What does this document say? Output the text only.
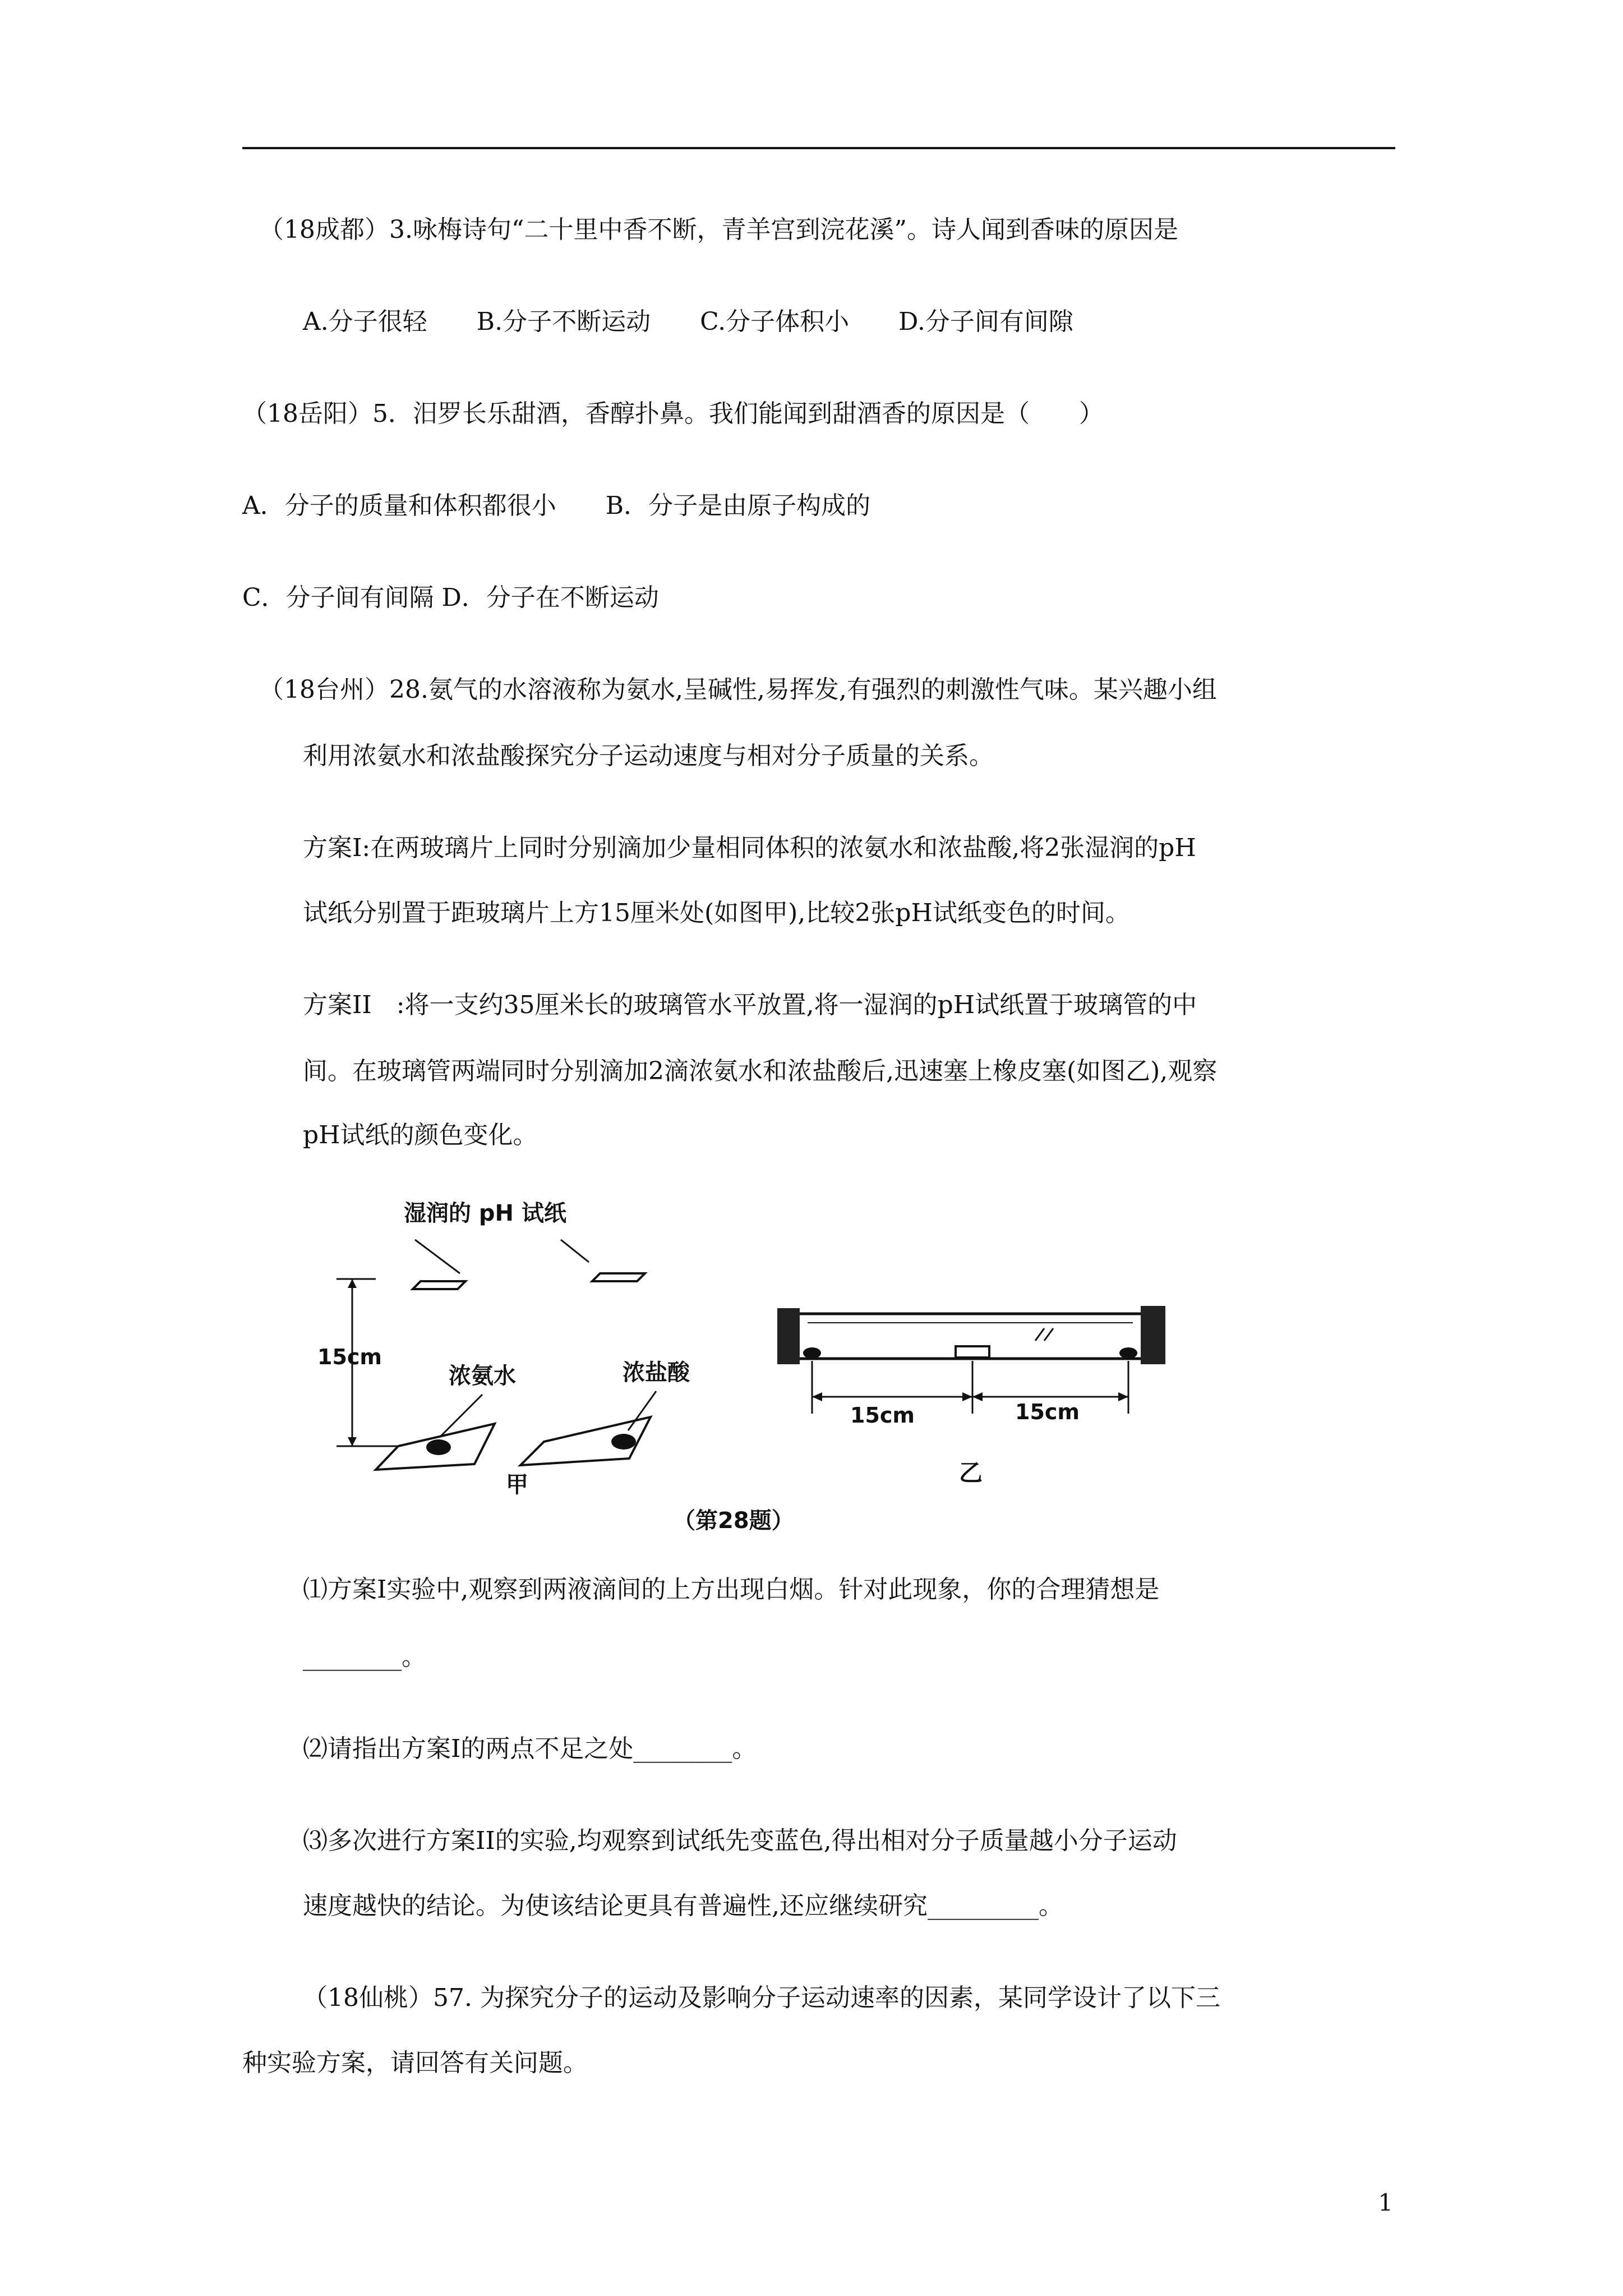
（18成都）3.咏梅诗句“二十里中香不断，青羊宫到浣花溪”。诗人闻到香味的原因是
A.分子很轻　　B.分子不断运动　　C.分子体积小　　D.分子间有间隙
（18岳阳）5．汨罗长乐甜酒，香醇扑鼻。我们能闻到甜酒香的原因是（　　）
A．分子的质量和体积都很小　　B．分子是由原子构成的
C．分子间有间隔 D．分子在不断运动
（18台州）28.氨气的水溶液称为氨水,呈碱性,易挥发,有强烈的刺激性气味。某兴趣小组
利用浓氨水和浓盐酸探究分子运动速度与相对分子质量的关系。
方案Ⅰ:在两玻璃片上同时分别滴加少量相同体积的浓氨水和浓盐酸,将2张湿润的pH
试纸分别置于距玻璃片上方15厘米处(如图甲),比较2张pH试纸变色的时间。
方案II　:将一支约35厘米长的玻璃管水平放置,将一湿润的pH试纸置于玻璃管的中
间。在玻璃管两端同时分别滴加2滴浓氨水和浓盐酸后,迅速塞上橡皮塞(如图乙),观察
pH试纸的颜色变化。
湿润的 pH 试纸
15cm
浓氨水	浓盐酸
甲
15cm	15cm
乙
（第28题）
⑴方案Ⅰ实验中,观察到两液滴间的上方出现白烟。针对此现象，你的合理猜想是
________。
⑵请指出方案Ⅰ的两点不足之处________。
⑶多次进行方案II的实验,均观察到试纸先变蓝色,得出相对分子质量越小分子运动
速度越快的结论。为使该结论更具有普遍性,还应继续研究_________。
（18仙桃）57. 为探究分子的运动及影响分子运动速率的因素，某同学设计了以下三
种实验方案，请回答有关问题。
1
